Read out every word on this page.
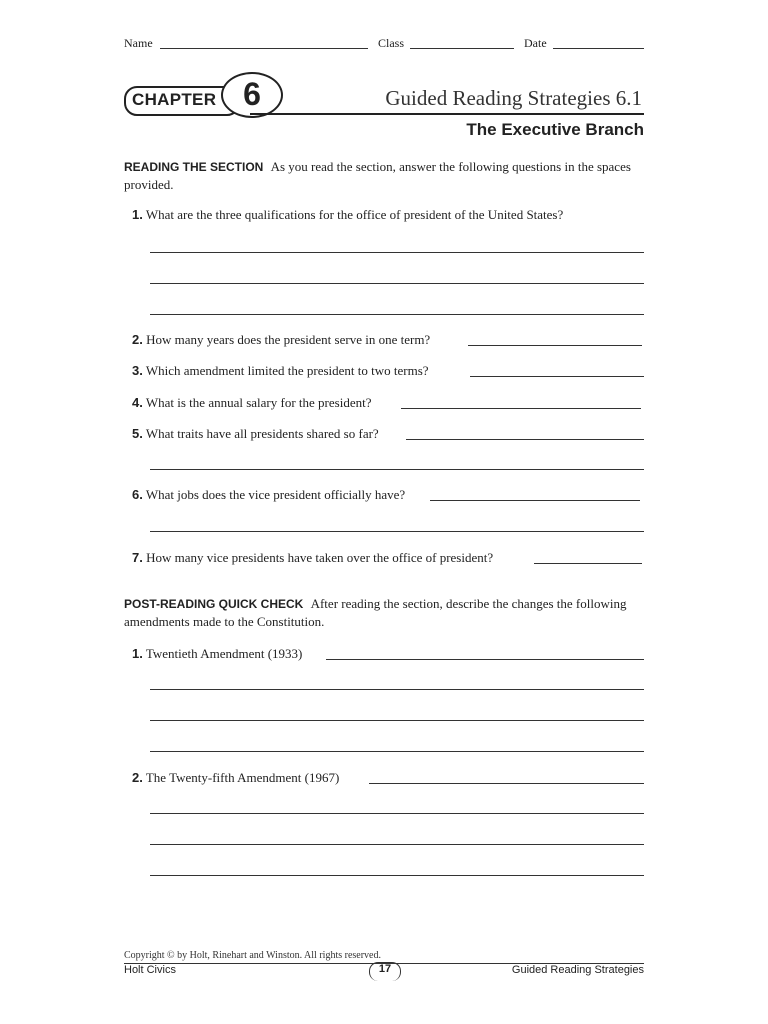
Name	Class	Date
CHAPTER 6	Guided Reading Strategies 6.1
The Executive Branch
READING THE SECTION As you read the section, answer the following questions in the spaces provided.
1. What are the three qualifications for the office of president of the United States?
2. How many years does the president serve in one term?
3. Which amendment limited the president to two terms?
4. What is the annual salary for the president?
5. What traits have all presidents shared so far?
6. What jobs does the vice president officially have?
7. How many vice presidents have taken over the office of president?
POST-READING QUICK CHECK After reading the section, describe the changes the following amendments made to the Constitution.
1. Twentieth Amendment (1933)
2. The Twenty-fifth Amendment (1967)
Copyright © by Holt, Rinehart and Winston. All rights reserved.
Holt Civics	17	Guided Reading Strategies
